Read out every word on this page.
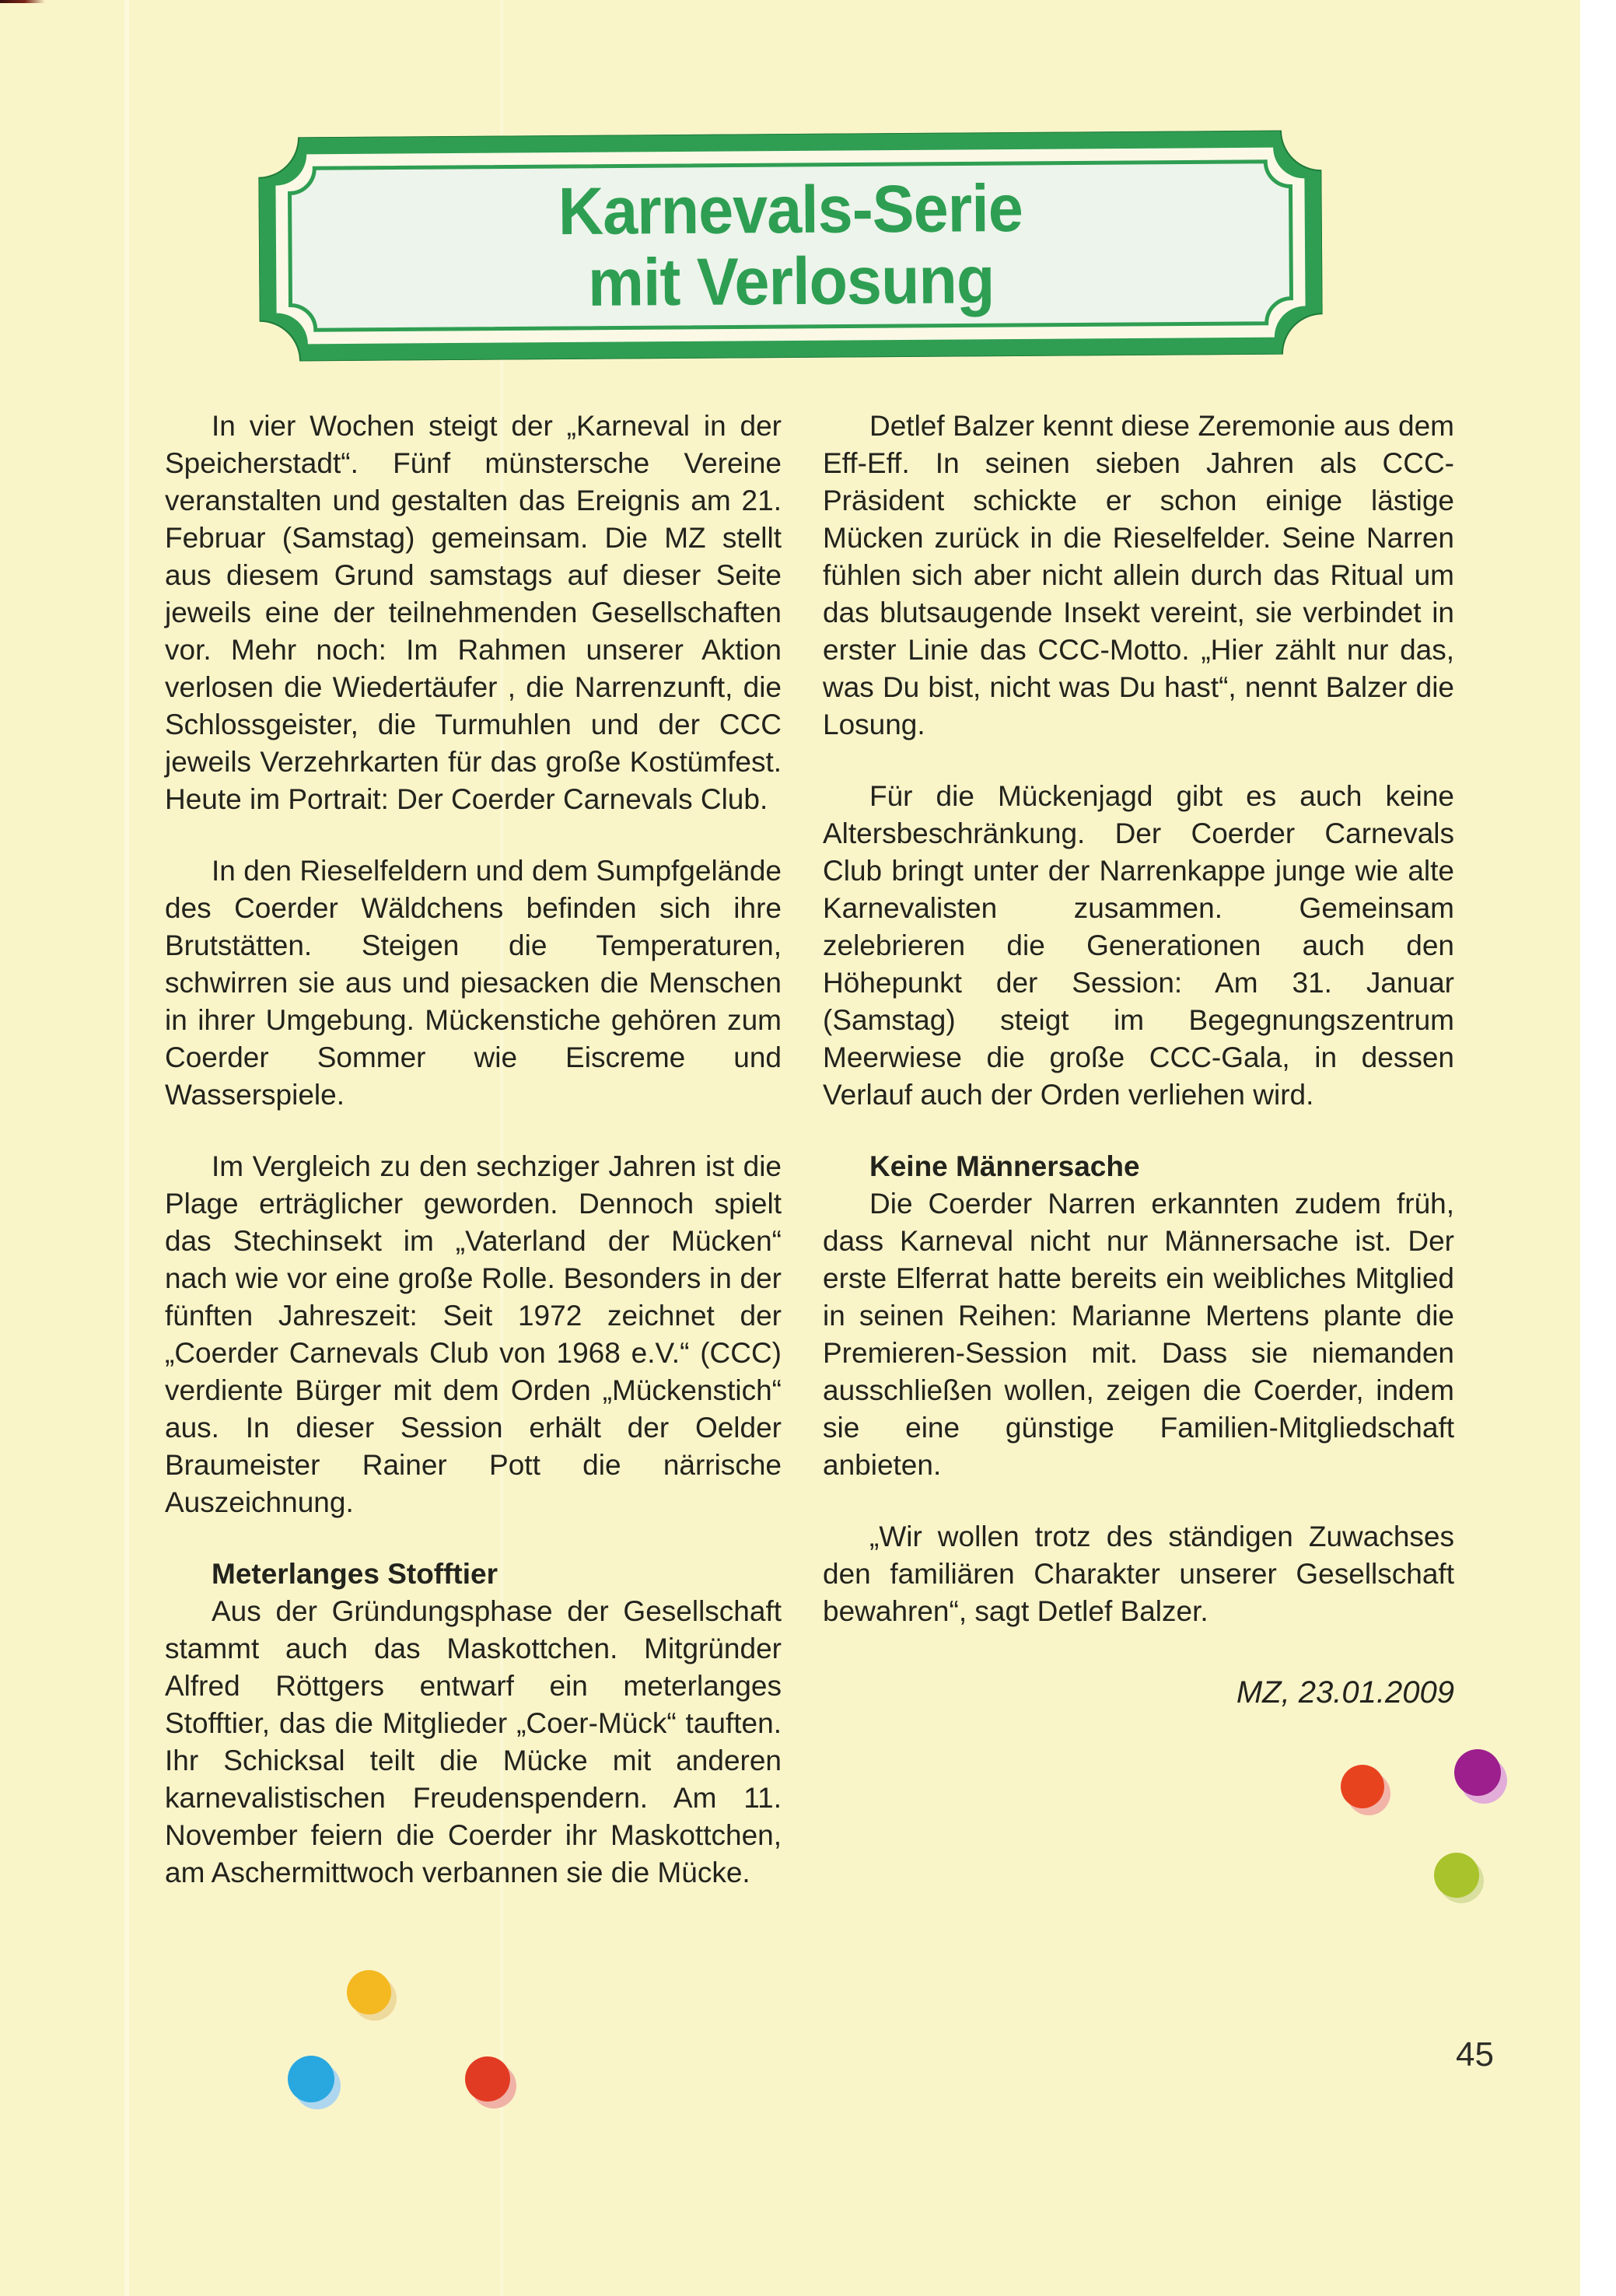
Karnevals-Serie
mit Verlosung

In vier Wochen steigt der „Karneval in der Speicherstadt“. Fünf münstersche Vereine veranstalten und gestalten das Ereignis am 21. Februar (Samstag) gemeinsam. Die MZ stellt aus diesem Grund samstags auf dieser Seite jeweils eine der teilnehmenden Gesellschaften vor. Mehr noch: Im Rahmen unserer Aktion verlosen die Wiedertäufer , die Narrenzunft, die Schlossgeister, die Turmuhlen und der CCC jeweils Verzehrkarten für das große Kostümfest. Heute im Portrait: Der Coerder Carnevals Club.

In den Rieselfeldern und dem Sumpfgelände des Coerder Wäldchens befinden sich ihre Brutstätten. Steigen die Temperaturen, schwirren sie aus und piesacken die Menschen in ihrer Umgebung. Mückenstiche gehören zum Coerder Sommer wie Eiscreme und Wasserspiele.

Im Vergleich zu den sechziger Jahren ist die Plage erträglicher geworden. Dennoch spielt das Stechinsekt im „Vaterland der Mücken“ nach wie vor eine große Rolle. Besonders in der fünften Jahreszeit: Seit 1972 zeichnet der „Coerder Carnevals Club von 1968 e.V.“ (CCC) verdiente Bürger mit dem Orden „Mückenstich“ aus. In dieser Session erhält der Oelder Braumeister Rainer Pott die närrische Auszeichnung.

Meterlanges Stofftier

Aus der Gründungsphase der Gesellschaft stammt auch das Maskottchen. Mitgründer Alfred Röttgers entwarf ein meterlanges Stofftier, das die Mitglieder „Coer-Mück“ tauften. Ihr Schicksal teilt die Mücke mit anderen karnevalistischen Freudenspendern. Am 11. November feiern die Coerder ihr Maskottchen, am Aschermittwoch verbannen sie die Mücke.

Detlef Balzer kennt diese Zeremonie aus dem Eff-Eff. In seinen sieben Jahren als CCC-Präsident schickte er schon einige lästige Mücken zurück in die Rieselfelder. Seine Narren fühlen sich aber nicht allein durch das Ritual um das blutsaugende Insekt vereint, sie verbindet in erster Linie das CCC-Motto. „Hier zählt nur das, was Du bist, nicht was Du hast“, nennt Balzer die Losung.

Für die Mückenjagd gibt es auch keine Altersbeschränkung. Der Coerder Carnevals Club bringt unter der Narrenkappe junge wie alte Karnevalisten zusammen. Gemeinsam zelebrieren die Generationen auch den Höhepunkt der Session: Am 31. Januar (Samstag) steigt im Begegnungszentrum Meerwiese die große CCC-Gala, in dessen Verlauf auch der Orden verliehen wird.

Keine Männersache

Die Coerder Narren erkannten zudem früh, dass Karneval nicht nur Männersache ist. Der erste Elferrat hatte bereits ein weibliches Mitglied in seinen Reihen: Marianne Mertens plante die Premieren-Session mit. Dass sie niemanden ausschließen wollen, zeigen die Coerder, indem sie eine günstige Familien-Mitgliedschaft anbieten.

„Wir wollen trotz des ständigen Zuwachses den familiären Charakter unserer Gesellschaft bewahren“, sagt Detlef Balzer.

MZ, 23.01.2009

45
